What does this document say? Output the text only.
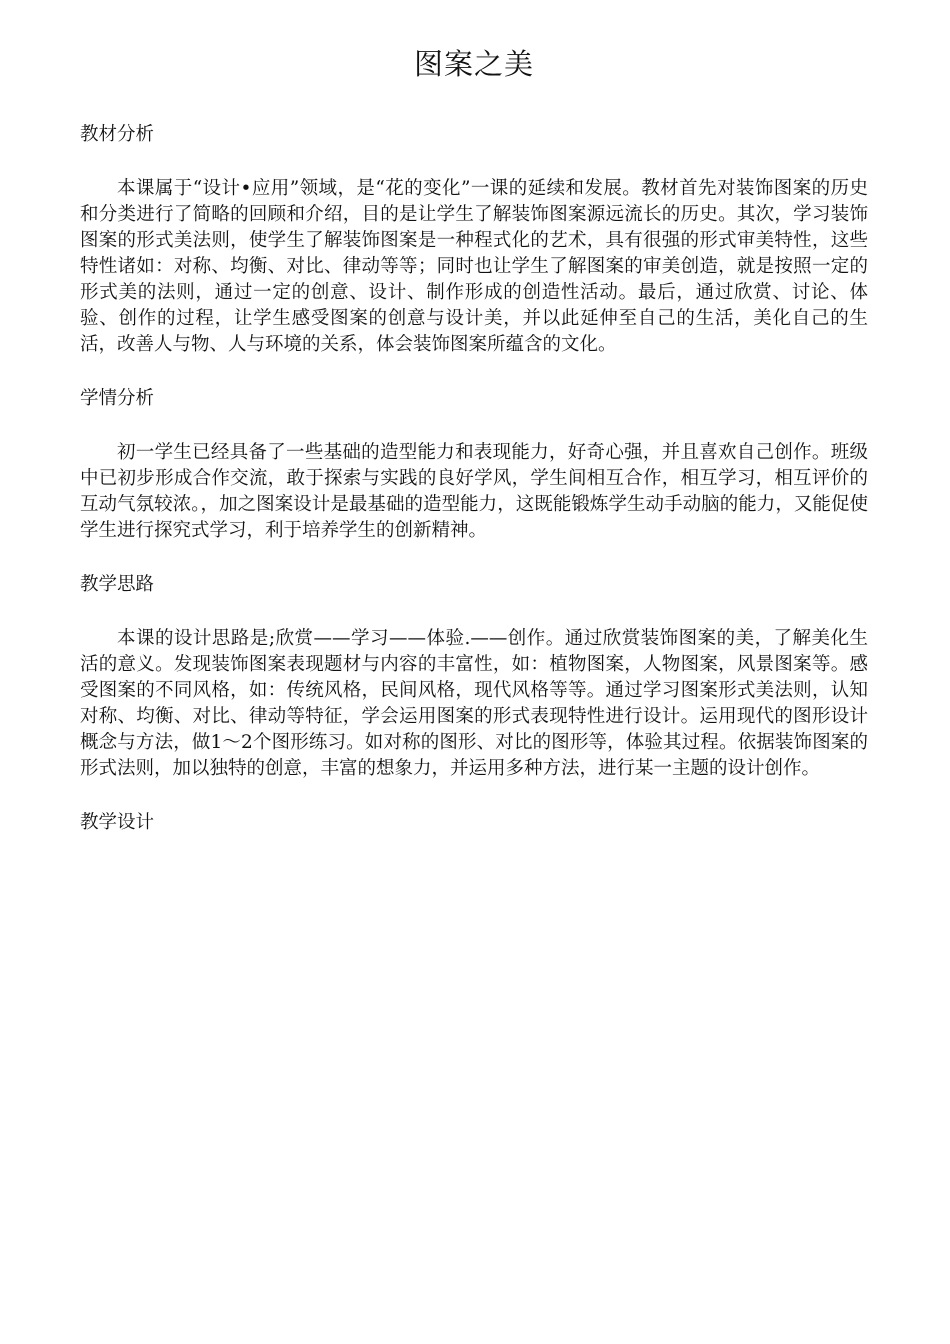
图案之美
教材分析

本课属于“设计•应用”领域，是“花的变化”一课的延续和发展。教材首先对装饰图案的历史和分类进行了简略的回顾和介绍，目的是让学生了解装饰图案源远流长的历史。其次，学习装饰图案的形式美法则，使学生了解装饰图案是一种程式化的艺术，具有很强的形式审美特性，这些特性诸如：对称、均衡、对比、律动等等；同时也让学生了解图案的审美创造，就是按照一定的形式美的法则，通过一定的创意、设计、制作形成的创造性活动。最后，通过欣赏、讨论、体验、创作的过程，让学生感受图案的创意与设计美，并以此延伸至自己的生活，美化自己的生活，改善人与物、人与环境的关系，体会装饰图案所蕴含的文化。

学情分析

初一学生已经具备了一些基础的造型能力和表现能力，好奇心强，并且喜欢自己创作。班级中已初步形成合作交流，敢于探索与实践的良好学风，学生间相互合作，相互学习，相互评价的互动气氛较浓。，加之图案设计是最基础的造型能力，这既能锻炼学生动手动脑的能力，又能促使学生进行探究式学习，利于培养学生的创新精神。

教学思路

本课的设计思路是;欣赏——学习——体验.——创作。通过欣赏装饰图案的美，了解美化生活的意义。发现装饰图案表现题材与内容的丰富性，如：植物图案，人物图案，风景图案等。感受图案的不同风格，如：传统风格，民间风格，现代风格等等。通过学习图案形式美法则，认知对称、均衡、对比、律动等特征，学会运用图案的形式表现特性进行设计。运用现代的图形设计概念与方法，做1〜2个图形练习。如对称的图形、对比的图形等，体验其过程。依据装饰图案的形式法则，加以独特的创意，丰富的想象力，并运用多种方法，进行某一主题的设计创作。

教学设计
